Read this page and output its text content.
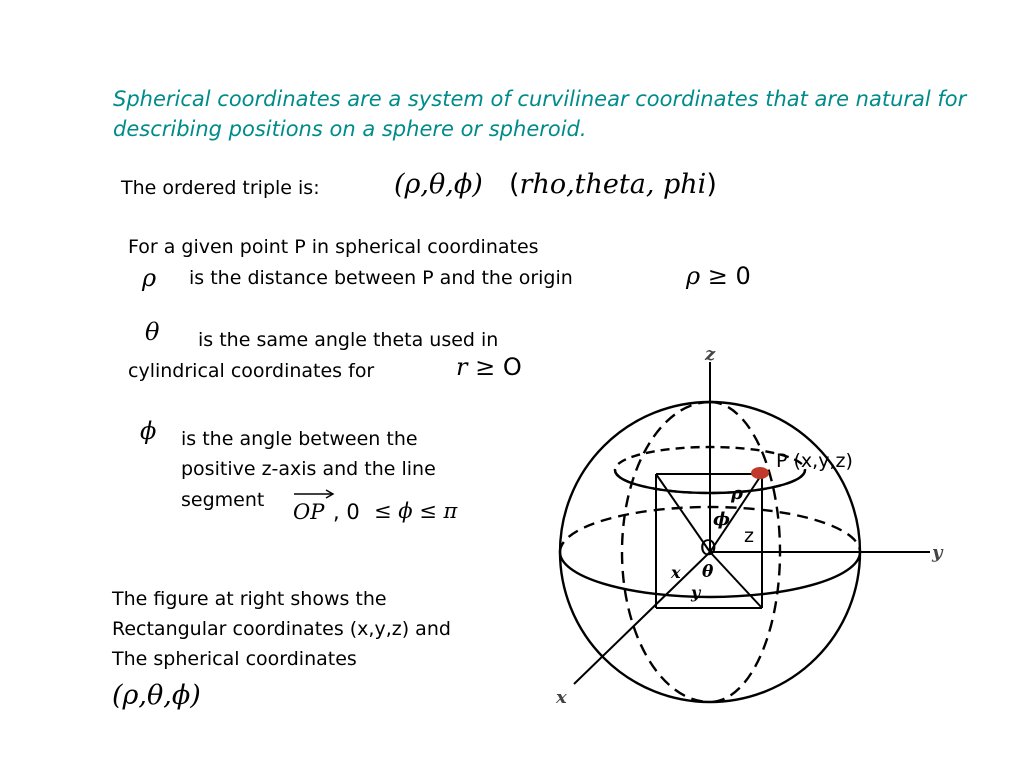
Spherical coordinates are a system of curvilinear coordinates that are natural for describing positions on a sphere or spheroid.
The ordered triple is:	(ρ,θ,ϕ) (rho,theta, phi)
For a given point P in spherical coordinates
ρ is the distance between P and the origin	ρ ≥ 0
θ is the same angle theta used in
cylindrical coordinates for	r ≥ O
ϕ is the angle between the
positive z-axis and the line
segment OP , 0 ≤ ϕ ≤ π
The figure at right shows the
Rectangular coordinates (x,y,z) and
The spherical coordinates
(ρ,θ,ϕ)
z
y
x
P (x,y,z)
O z
ρ
ϕ
θ
x
y
